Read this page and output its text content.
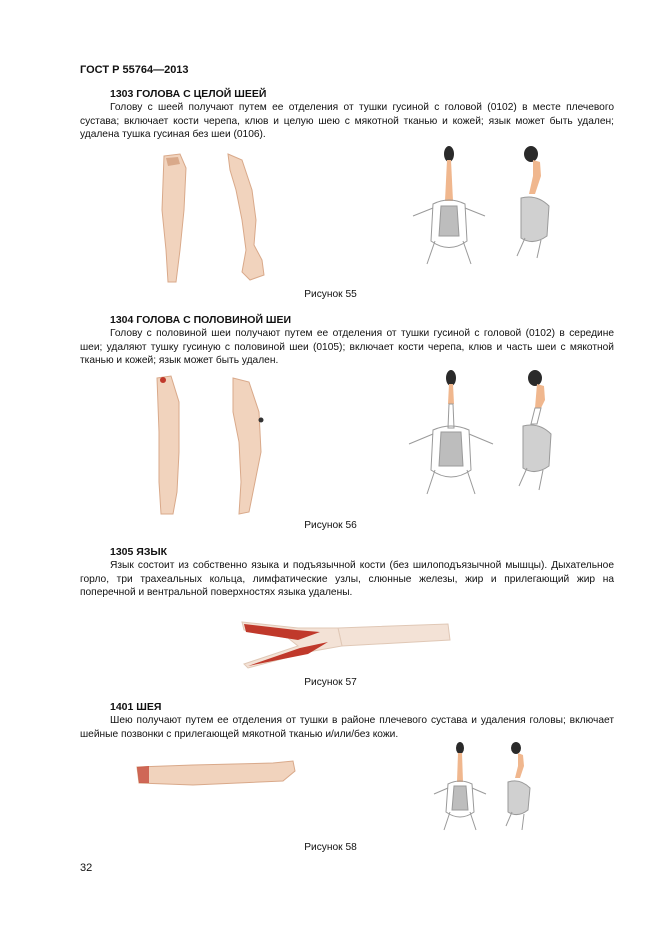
ГОСТ Р 55764—2013
1303 ГОЛОВА С ЦЕЛОЙ ШЕЕЙ
Голову с шеей получают путем ее отделения от тушки гусиной с головой (0102) в месте плечевого сустава; включает кости черепа, клюв и целую шею с мякотной тканью и кожей; язык может быть удален; удалена тушка гусиная без шеи (0106).
Рисунок 55
1304 ГОЛОВА С ПОЛОВИНОЙ ШЕИ
Голову с половиной шеи получают путем ее отделения от тушки гусиной с головой (0102) в середине шеи; удаляют тушку гусиную с половиной шеи (0105); включает кости черепа, клюв и часть шеи с мякотной тканью и кожей; язык может быть удален.
Рисунок 56
1305 ЯЗЫК
Язык состоит из собственно языка и подъязычной кости (без шилоподъязычной мышцы). Дыхательное горло, три трахеальных кольца, лимфатические узлы, слюнные железы, жир и прилегающий жир на поперечной и вентральной поверхностях языка удалены.
Рисунок 57
1401 ШЕЯ
Шею получают путем ее отделения от тушки в районе плечевого сустава и удаления головы; включает шейные позвонки с прилегающей мякотной тканью и/или/без кожи.
Рисунок 58
32
